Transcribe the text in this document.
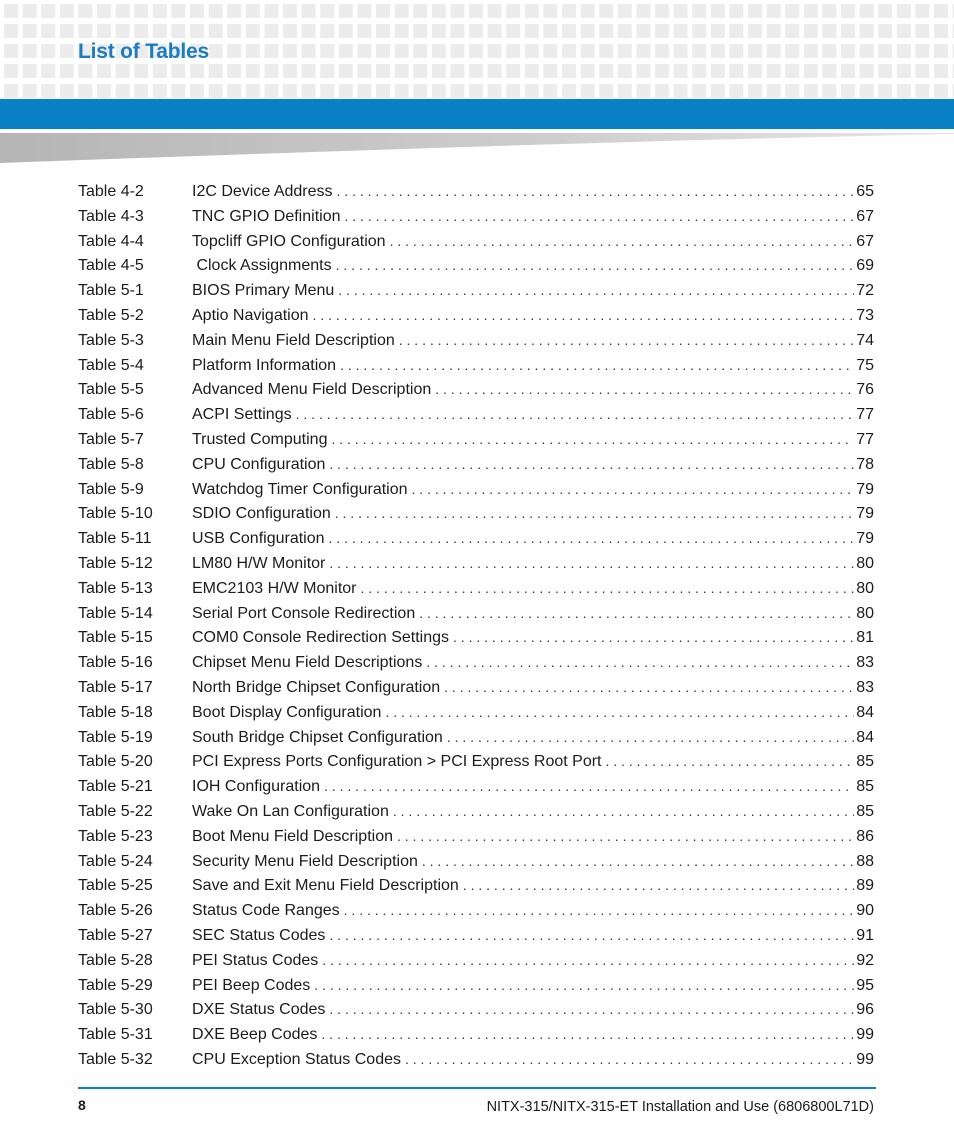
List of Tables
Table 4-2	I2C Device Address . . .	65
Table 4-3	TNC GPIO Definition . . .	67
Table 4-4	Topcliff GPIO Configuration . . .	67
Table 4-5	Clock Assignments . . .	69
Table 5-1	BIOS Primary Menu . . .	72
Table 5-2	Aptio Navigation . . .	73
Table 5-3	Main Menu Field Description . . .	74
Table 5-4	Platform Information . . .	75
Table 5-5	Advanced Menu Field Description . . .	76
Table 5-6	ACPI Settings . . .	77
Table 5-7	Trusted Computing . . .	77
Table 5-8	CPU Configuration . . .	78
Table 5-9	Watchdog Timer Configuration . . .	79
Table 5-10	SDIO Configuration . . .	79
Table 5-11	USB Configuration . . .	79
Table 5-12	LM80 H/W Monitor . . .	80
Table 5-13	EMC2103 H/W Monitor . . .	80
Table 5-14	Serial Port Console Redirection . . .	80
Table 5-15	COM0 Console Redirection Settings . . .	81
Table 5-16	Chipset Menu Field Descriptions . . .	83
Table 5-17	North Bridge Chipset Configuration . . .	83
Table 5-18	Boot Display Configuration . . .	84
Table 5-19	South Bridge Chipset Configuration . . .	84
Table 5-20	PCI Express Ports Configuration > PCI Express Root Port . . .	85
Table 5-21	IOH Configuration . . .	85
Table 5-22	Wake On Lan Configuration . . .	85
Table 5-23	Boot Menu Field Description . . .	86
Table 5-24	Security Menu Field Description . . .	88
Table 5-25	Save and Exit Menu Field Description . . .	89
Table 5-26	Status Code Ranges . . .	90
Table 5-27	SEC Status Codes . . .	91
Table 5-28	PEI Status Codes . . .	92
Table 5-29	PEI Beep Codes . . .	95
Table 5-30	DXE Status Codes . . .	96
Table 5-31	DXE Beep Codes . . .	99
Table 5-32	CPU Exception Status Codes . . .	99
8	NITX-315/NITX-315-ET Installation and Use (6806800L71D)
